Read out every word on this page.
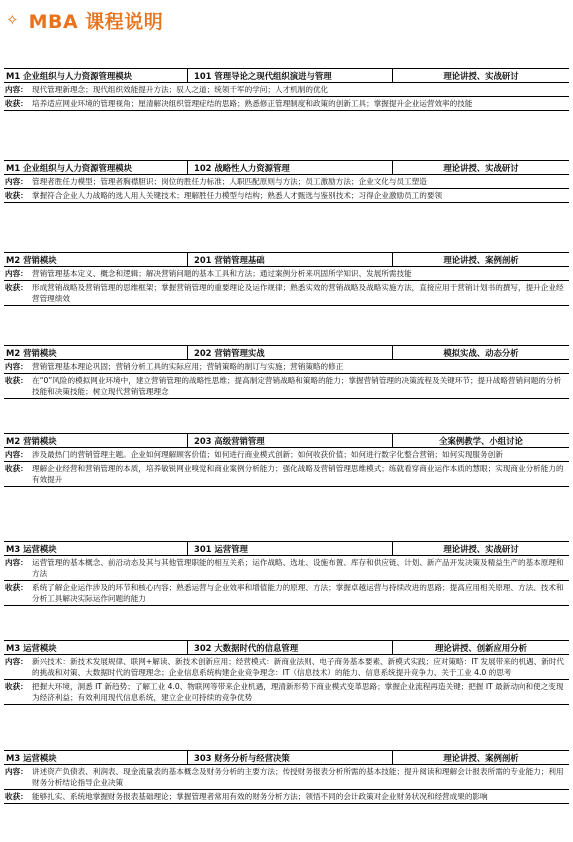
✧ MBA 课程说明
M1 企业组织与人力资源管理模块	101 管理导论之现代组织演进与管理	理论讲授、实战研讨
内容： 现代管理新理念；现代组织效能提升方法；驭人之道；统领千军的学问；人才机制的优化
收获： 培养适应网业环境的管理视角；厘清解决组织管理症结的思路；熟悉修正管理制度和政策的创新工具；掌握提升企业运营效率的技能
M1 企业组织与人力资源管理模块	102 战略性人力资源管理	理论讲授、实战研讨
内容： 管理者胜任力模型；管理者胸襟胆识；岗位的胜任力标准；人职匹配原则与方法；员工激励方法；企业文化与员工塑造
收获： 掌握符合企业人力战略的选人用人关键技术；理解胜任力模型与结构；熟悉人才甄选与鉴别技术；习得企业激励员工的要领
M2 营销模块	201 营销管理基础	理论讲授、案例剖析
内容： 营销管理基本定义、概念和逻辑；解决营销问题的基本工具和方法；通过案例分析来巩固所学知识、发展所需技能
收获： 形成营销战略及营销管理的思维框架；掌握营销管理的重要理论及运作规律；熟悉实效的营销战略及战略实施方法，直接应用于营销计划书的撰写，提升企业经营管理绩效
M2 营销模块	202 营销管理实战	模拟实战、动态分析
内容： 营销管理基本理论巩固；营销分析工具的实际应用；营销策略的制订与实施；营销策略的修正
收获： 在“0”风险的模拟网业环境中，建立营销管理的战略性思维；提高制定营销战略和策略的能力；掌握营销管理的决策流程及关键环节；提升战略营销问题的分析技能和决策技能；树立现代营销管理理念
M2 营销模块	203 高级营销管理	全案例教学、小组讨论
内容： 涉及最热门的营销管理主题。企业如何理解顾客价值；如何进行商业模式创新；如何收获价值；如何进行数字化整合营销；如何实现服务创新
收获： 理解企业经营和营销管理的本质，培养敏锐网业嗅觉和商业案例分析能力；强化战略及营销管理思维模式；练就看穿商业运作本质的慧眼；实现商业分析能力的有效提升
M3 运营模块	301 运营管理	理论讲授、实战研讨
内容： 运营管理的基本概念、前沿动态及其与其他管理职能的相互关系；运作战略、选址、设施布置、库存和供应链、计划、新产品开发决策及精益生产的基本原理和方法
收获： 系统了解企业运作涉及的环节和核心内容；熟悉运营与企业效率和增值能力的原理、方法；掌握卓越运营与持续改进的思路；提高应用相关原理、方法、技术和分析工具解决实际运作问题的能力
M3 运营模块	302 大数据时代的信息管理	理论讲授、创新应用分析
内容： 新兴技术：新技术发展规律、联网+解读、新技术创新应用；经营模式：新商业法则、电子商务基本要素、新模式实践；应对策略：IT 发展带来的机遇、新时代的挑战和对策、大数据时代的管理理念；企业信息系统构建企业竞争理念：IT（信息技术）的能力、信息系统提升竞争力、关于工业 4.0 的思考
收获： 把握大环境，洞悉 IT 新趋势；了解工业 4.0、物联网等带来企业机遇，理清新形势下商业模式变革思路；掌握企业流程再造关键；把握 IT 最新动向和使之变现为经济利益；有效利用现代信息系统，建立企业可持续的竞争优势
M3 运营模块	303 财务分析与经营决策	理论讲授、案例剖析
内容： 讲述资产负债表、利润表、现金流量表的基本概念及财务分析的主要方法；传授财务报表分析所需的基本技能；提升阅读和理解会计报表所需的专业能力；利用财务分析结论指导企业决策
收获： 能够扎实、系统地掌握财务报表基础理论；掌握管理者常用有效的财务分析方法；领悟不同的会计政策对企业财务状况和经营成果的影响
